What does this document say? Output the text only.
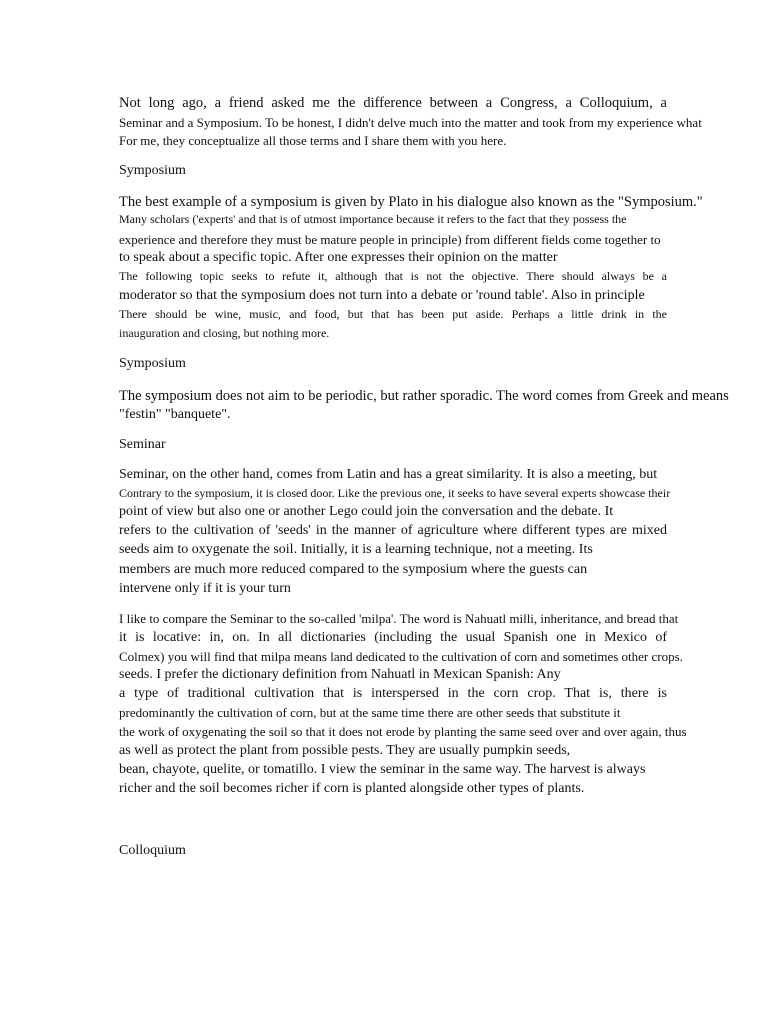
Not long ago, a friend asked me the difference between a Congress, a Colloquium, a
Seminar and a Symposium. To be honest, I didn't delve much into the matter and took from my experience what
For me, they conceptualize all those terms and I share them with you here.
Symposium
The best example of a symposium is given by Plato in his dialogue also known as the "Symposium."
Many scholars ('experts' and that is of utmost importance because it refers to the fact that they possess the
experience and therefore they must be mature people in principle) from different fields come together to
to speak about a specific topic. After one expresses their opinion on the matter
The following topic seeks to refute it, although that is not the objective. There should always be a
moderator so that the symposium does not turn into a debate or 'round table'. Also in principle
There should be wine, music, and food, but that has been put aside. Perhaps a little drink in the
inauguration and closing, but nothing more.
Symposium
The symposium does not aim to be periodic, but rather sporadic. The word comes from Greek and means
"festin" "banquete".
Seminar
Seminar, on the other hand, comes from Latin and has a great similarity. It is also a meeting, but
Contrary to the symposium, it is closed door. Like the previous one, it seeks to have several experts showcase their
point of view but also one or another Lego could join the conversation and the debate. It
refers to the cultivation of 'seeds' in the manner of agriculture where different types are mixed
seeds aim to oxygenate the soil. Initially, it is a learning technique, not a meeting. Its
members are much more reduced compared to the symposium where the guests can
intervene only if it is your turn
I like to compare the Seminar to the so-called 'milpa'. The word is Nahuatl milli, inheritance, and bread that
it is locative: in, on. In all dictionaries (including the usual Spanish one in Mexico of
Colmex) you will find that milpa means land dedicated to the cultivation of corn and sometimes other crops.
seeds. I prefer the dictionary definition from Nahuatl in Mexican Spanish: Any
a type of traditional cultivation that is interspersed in the corn crop. That is, there is
predominantly the cultivation of corn, but at the same time there are other seeds that substitute it
the work of oxygenating the soil so that it does not erode by planting the same seed over and over again, thus
as well as protect the plant from possible pests. They are usually pumpkin seeds,
bean, chayote, quelite, or tomatillo. I view the seminar in the same way. The harvest is always
richer and the soil becomes richer if corn is planted alongside other types of plants.
Colloquium
